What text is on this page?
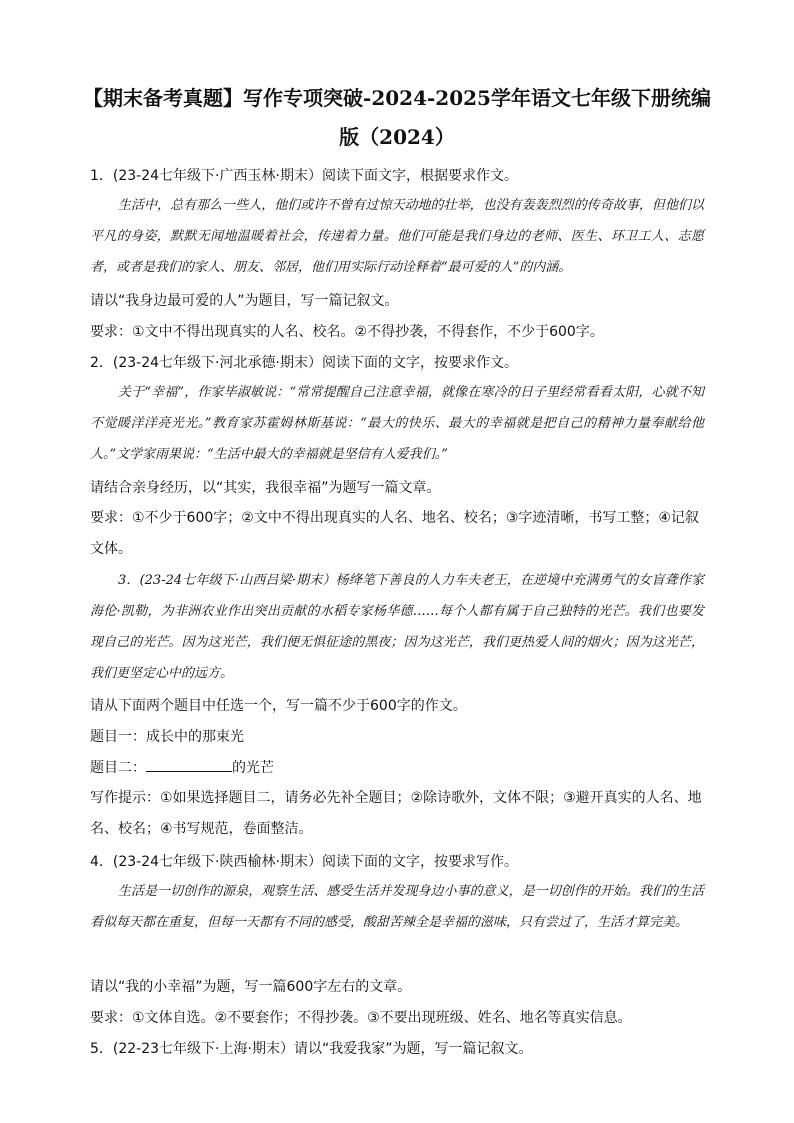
【期末备考真题】写作专项突破-2024-2025学年语文七年级下册统编
版（2024）
1．(23-24七年级下·广西玉林·期末）阅读下面文字，根据要求作文。
生活中，总有那么一些人，他们或许不曾有过惊天动地的壮举，也没有轰轰烈烈的传奇故事，但他们以平凡的身姿，默默无闻地温暖着社会，传递着力量。他们可能是我们身边的老师、医生、环卫工人、志愿者，或者是我们的家人、朋友、邻居，他们用实际行动诠释着“最可爱的人”的内涵。
请以“我身边最可爱的人”为题目，写一篇记叙文。
要求：①文中不得出现真实的人名、校名。②不得抄袭，不得套作，不少于600字。
2．(23-24七年级下·河北承德·期末）阅读下面的文字，按要求作文。
关于“幸福”，作家毕淑敏说：“常常提醒自己注意幸福，就像在寒冷的日子里经常看看太阳，心就不知不觉暖洋洋亮光光。”教育家苏霍姆林斯基说：“最大的快乐、最大的幸福就是把自己的精神力量奉献给他人。”文学家雨果说：“生活中最大的幸福就是坚信有人爱我们。”
请结合亲身经历，以“其实，我很幸福”为题写一篇文章。
要求：①不少于600字；②文中不得出现真实的人名、地名、校名；③字迹清晰，书写工整；④记叙文体。
3．(23-24七年级下·山西吕梁·期末）杨绛笔下善良的人力车夫老王，在逆境中充满勇气的女盲聋作家海伦·凯勒，为非洲农业作出突出贡献的水稻专家杨华德……每个人都有属于自己独特的光芒。我们也要发现自己的光芒。因为这光芒，我们便无惧征途的黑夜；因为这光芒，我们更热爱人间的烟火；因为这光芒，我们更坚定心中的远方。
请从下面两个题目中任选一个，写一篇不少于600字的作文。
题目一：成长中的那束光
题目二：	的光芒
写作提示：①如果选择题目二，请务必先补全题目；②除诗歌外，文体不限；③避开真实的人名、地名、校名；④书写规范，卷面整洁。
4．(23-24七年级下·陕西榆林·期末）阅读下面的文字，按要求写作。
生活是一切创作的源泉，观察生活、感受生活并发现身边小事的意义，是一切创作的开始。我们的生活看似每天都在重复，但每一天都有不同的感受，酸甜苦辣全是幸福的滋味，只有尝过了，生活才算完美。
请以“我的小幸福”为题，写一篇600字左右的文章。
要求：①文体自选。②不要套作；不得抄袭。③不要出现班级、姓名、地名等真实信息。
5．(22-23七年级下·上海·期末）请以“我爱我家”为题，写一篇记叙文。
